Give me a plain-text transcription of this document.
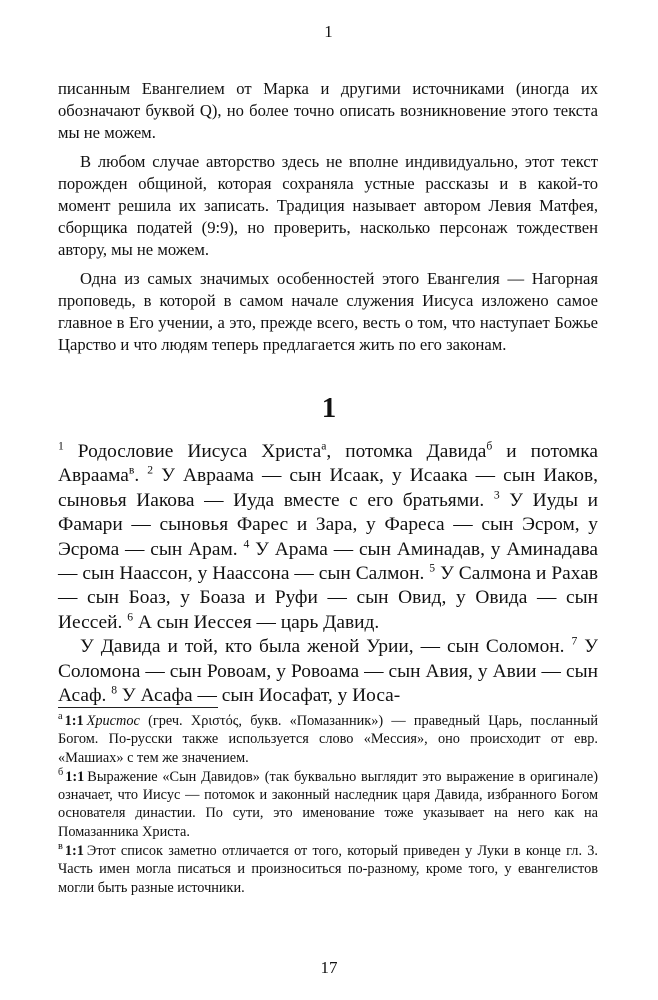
1

писанным Евангелием от Марка и другими источниками (иногда их обозначают буквой Q), но более точно описать возникновение этого текста мы не можем.

В любом случае авторство здесь не вполне индивидуально, этот текст порожден общиной, которая сохраняла устные рассказы и в какой-то момент решила их записать. Традиция называет автором Левия Матфея, сборщика податей (9:9), но проверить, насколько персонаж тождествен автору, мы не можем.

Одна из самых значимых особенностей этого Евангелия — Нагорная проповедь, в которой в самом начале служения Иисуса изложено самое главное в Его учении, а это, прежде всего, весть о том, что наступает Божье Царство и что людям теперь предлагается жить по его законам.

1

$^1$ Родословие Иисуса Христа$^а$, потомка Давида$^б$ и потомка Авраама$^в$. $^2$ У Авраама — сын Исаак, у Исаака — сын Иаков, сыновья Иакова — Иуда вместе с его братьями. $^3$ У Иуды и Фамари — сыновья Фарес и Зара, у Фареса — сын Эсром, у Эсрома — сын Арам. $^4$ У Арама — сын Аминадав, у Аминадава — сын Наассон, у Наассона — сын Салмон. $^5$ У Салмона и Рахав — сын Боаз, у Боаза и Руфи — сын Овид, у Овида — сын Иессей. $^6$ А сын Иессея — царь Давид.

У Давида и той, кто была женой Урии, — сын Соломон. $^7$ У Соломона — сын Ровоам, у Ровоама — сын Авия, у Авии — сын Асаф. $^8$ У Асафа — сын Иосафат, у Иоса-

$^а$ 1:1 Христос (греч. Χριστός, букв. «Помазанник») — праведный Царь, посланный Богом. По-русски также используется слово «Мессия», оно происходит от евр. «Машиах» с тем же значением.

$^б$ 1:1 Выражение «Сын Давидов» (так буквально выглядит это выражение в оригинале) означает, что Иисус — потомок и законный наследник царя Давида, избранного Богом основателя династии. По сути, это именование тоже указывает на него как на Помазанника Христа.

$^в$ 1:1 Этот список заметно отличается от того, который приведен у Луки в конце гл. 3. Часть имен могла писаться и произноситься по-разному, кроме того, у евангелистов могли быть разные источники.

17
